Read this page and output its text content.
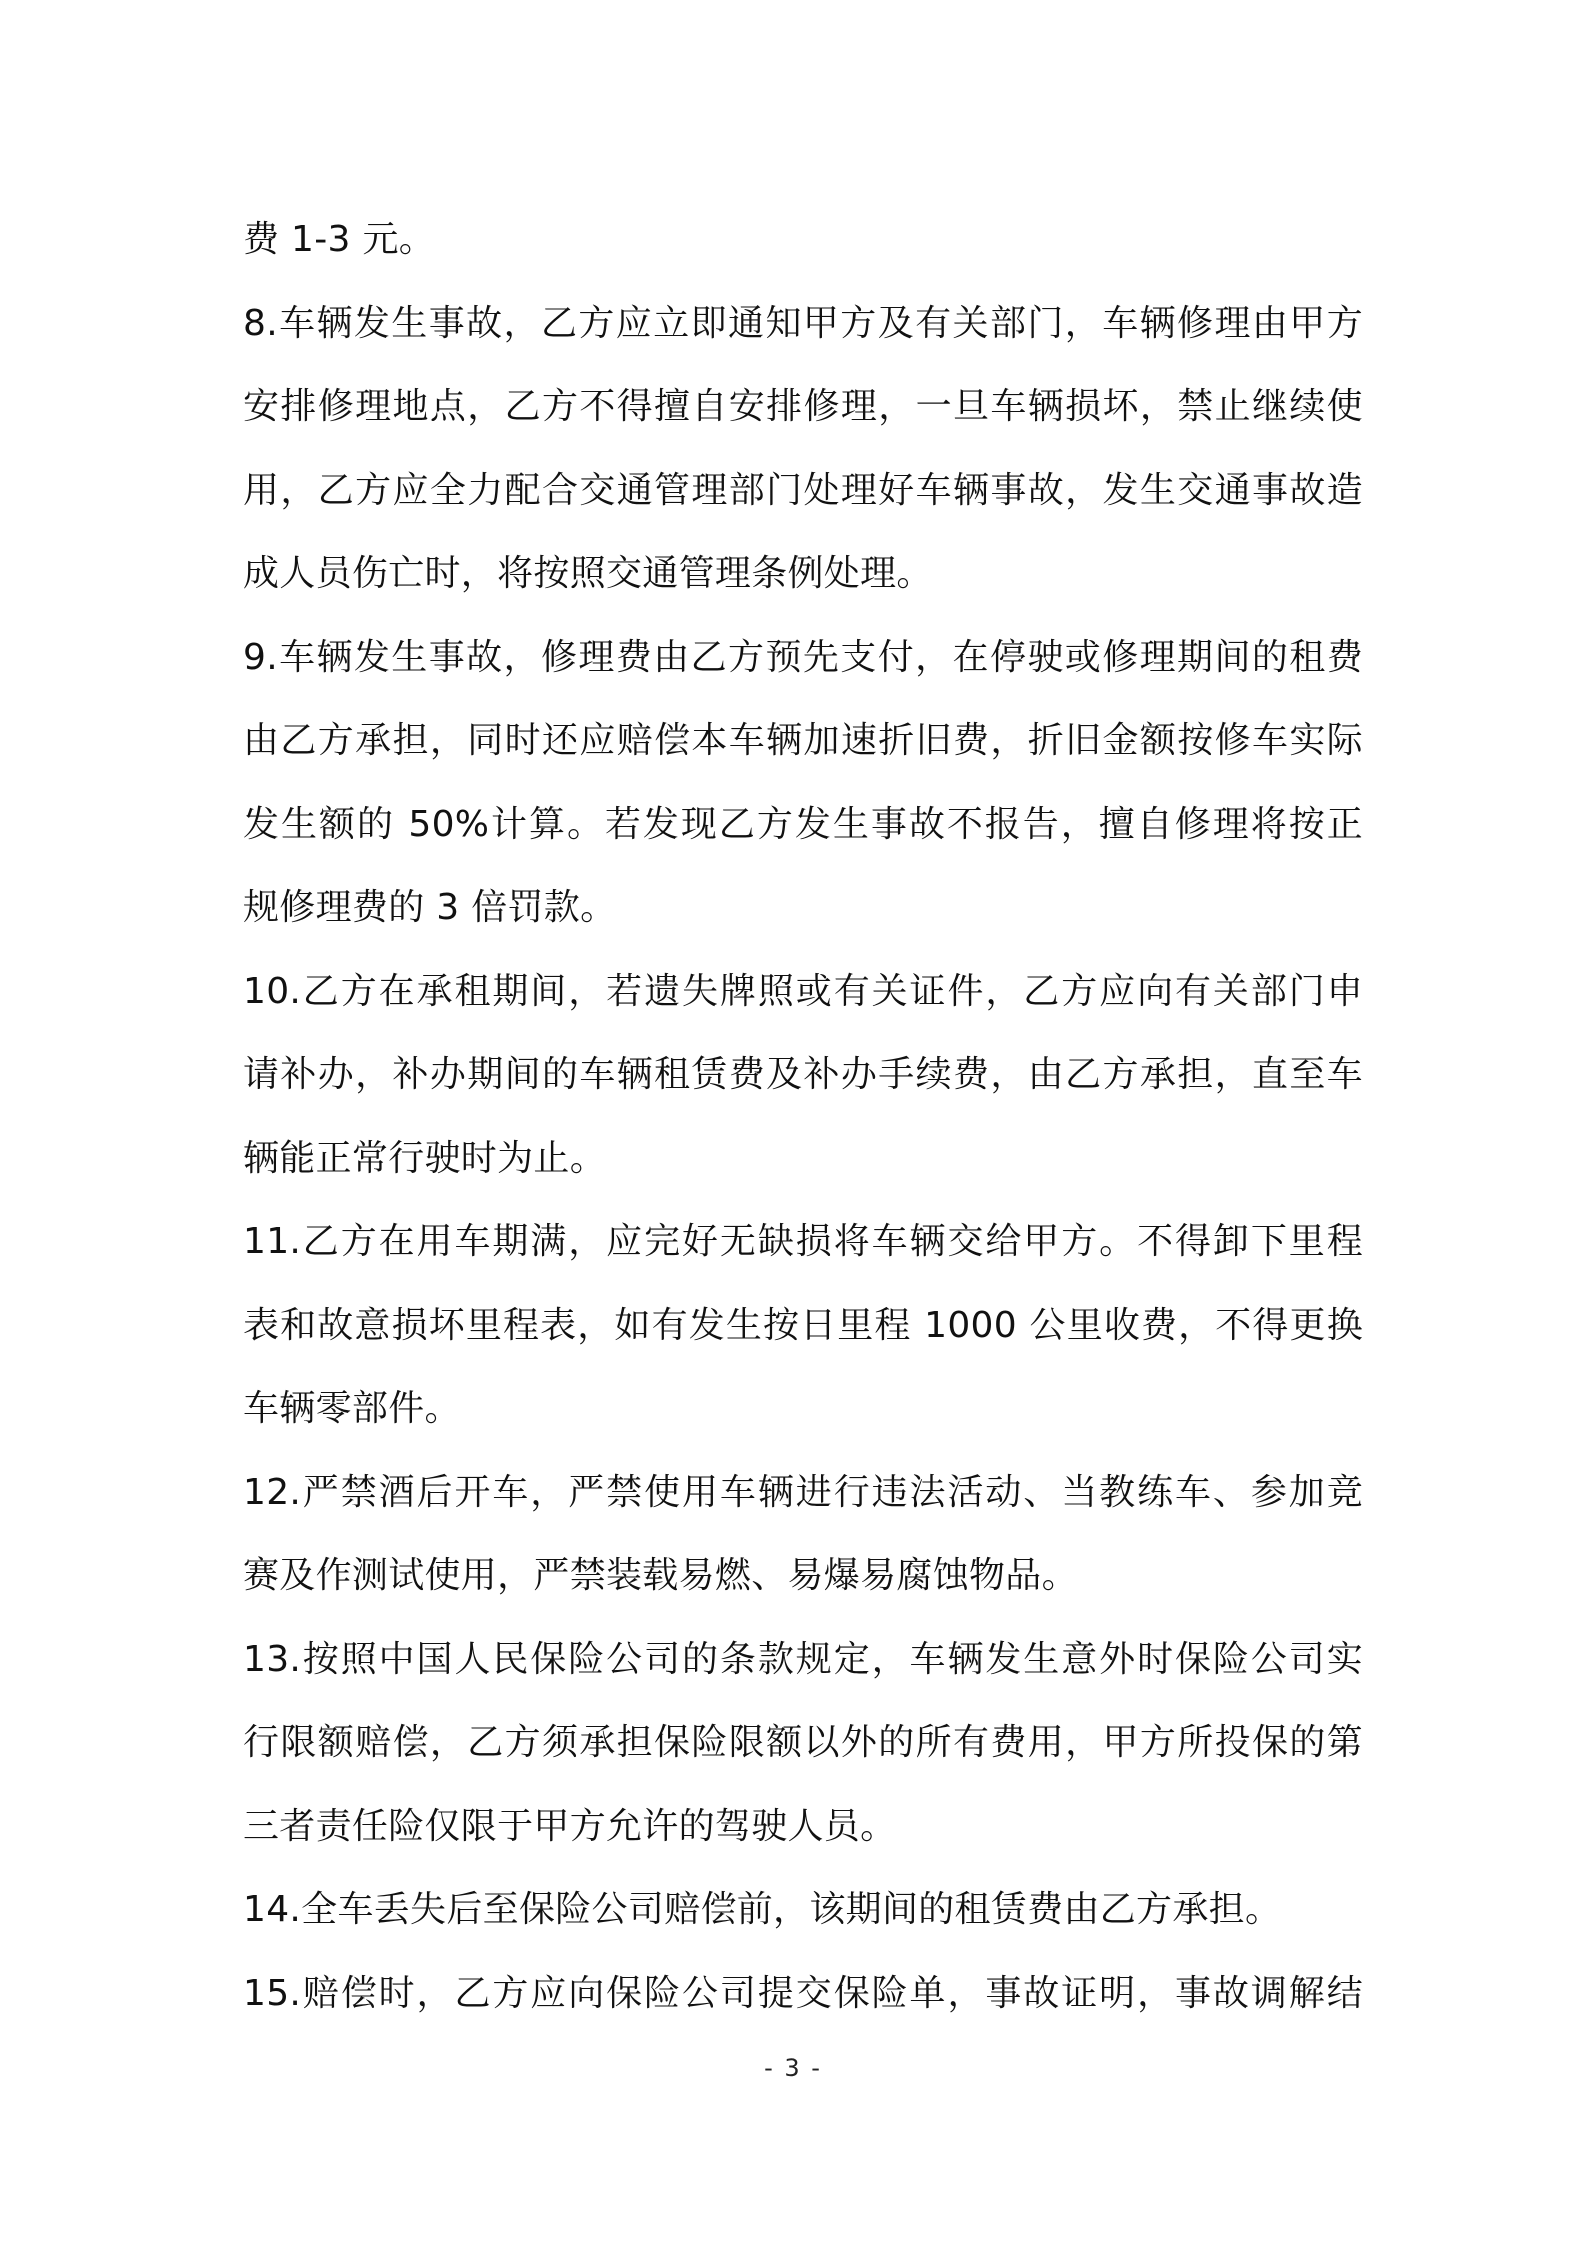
费 1-3 元。
8.车辆发生事故，乙方应立即通知甲方及有关部门，车辆修理由甲方
安排修理地点，乙方不得擅自安排修理，一旦车辆损坏，禁止继续使
用，乙方应全力配合交通管理部门处理好车辆事故，发生交通事故造
成人员伤亡时，将按照交通管理条例处理。
9.车辆发生事故，修理费由乙方预先支付，在停驶或修理期间的租费
由乙方承担，同时还应赔偿本车辆加速折旧费，折旧金额按修车实际
发生额的 50%计算。若发现乙方发生事故不报告，擅自修理将按正
规修理费的 3 倍罚款。
10.乙方在承租期间，若遗失牌照或有关证件，乙方应向有关部门申
请补办，补办期间的车辆租赁费及补办手续费，由乙方承担，直至车
辆能正常行驶时为止。
11.乙方在用车期满，应完好无缺损将车辆交给甲方。不得卸下里程
表和故意损坏里程表，如有发生按日里程 1000 公里收费，不得更换
车辆零部件。
12.严禁酒后开车，严禁使用车辆进行违法活动、当教练车、参加竞
赛及作测试使用，严禁装载易燃、易爆易腐蚀物品。
13.按照中国人民保险公司的条款规定，车辆发生意外时保险公司实
行限额赔偿，乙方须承担保险限额以外的所有费用，甲方所投保的第
三者责任险仅限于甲方允许的驾驶人员。
14.全车丢失后至保险公司赔偿前，该期间的租赁费由乙方承担。
15.赔偿时，乙方应向保险公司提交保险单，事故证明，事故调解结
- 3 -
